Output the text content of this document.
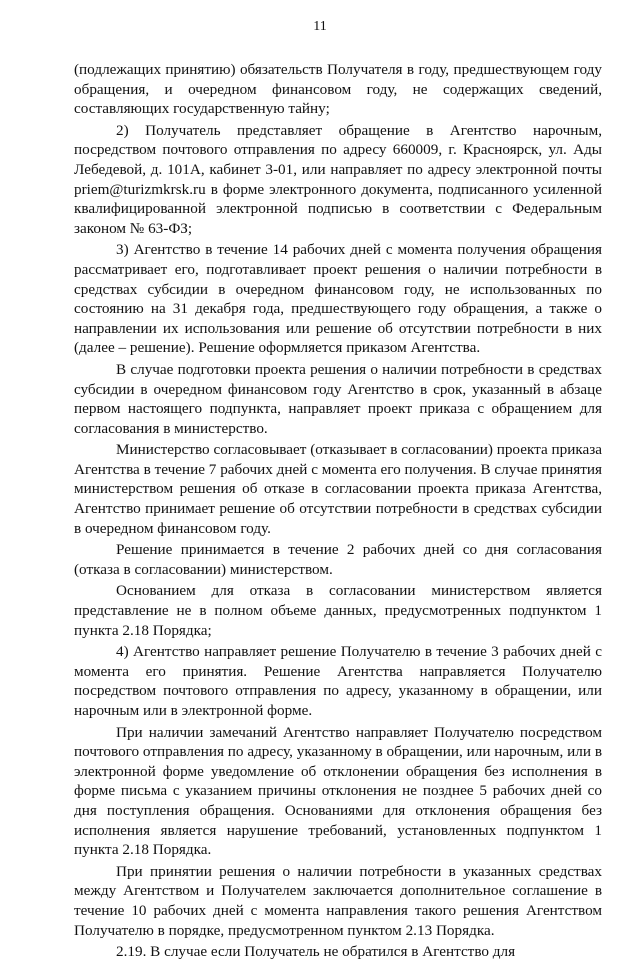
11

(подлежащих принятию) обязательств Получателя в году, предшествующем году обращения, и очередном финансовом году, не содержащих сведений, составляющих государственную тайну;

2) Получатель представляет обращение в Агентство нарочным, посредством почтового отправления по адресу 660009, г. Красноярск, ул. Ады Лебедевой, д. 101А, кабинет 3-01, или направляет по адресу электронной почты priem@turizmkrsk.ru в форме электронного документа, подписанного усиленной квалифицированной электронной подписью в соответствии с Федеральным законом № 63-ФЗ;

3) Агентство в течение 14 рабочих дней с момента получения обращения рассматривает его, подготавливает проект решения о наличии потребности в средствах субсидии в очередном финансовом году, не использованных по состоянию на 31 декабря года, предшествующего году обращения, а также о направлении их использования или решение об отсутствии потребности в них (далее – решение). Решение оформляется приказом Агентства.

В случае подготовки проекта решения о наличии потребности в средствах субсидии в очередном финансовом году Агентство в срок, указанный в абзаце первом настоящего подпункта, направляет проект приказа с обращением для согласования в министерство.

Министерство согласовывает (отказывает в согласовании) проекта приказа Агентства в течение 7 рабочих дней с момента его получения. В случае принятия министерством решения об отказе в согласовании проекта приказа Агентства, Агентство принимает решение об отсутствии потребности в средствах субсидии в очередном финансовом году.

Решение принимается в течение 2 рабочих дней со дня согласования (отказа в согласовании) министерством.

Основанием для отказа в согласовании министерством является представление не в полном объеме данных, предусмотренных подпунктом 1 пункта 2.18 Порядка;

4) Агентство направляет решение Получателю в течение 3 рабочих дней с момента его принятия. Решение Агентства направляется Получателю посредством почтового отправления по адресу, указанному в обращении, или нарочным или в электронной форме.

При наличии замечаний Агентство направляет Получателю посредством почтового отправления по адресу, указанному в обращении, или нарочным, или в электронной форме уведомление об отклонении обращения без исполнения в форме письма с указанием причины отклонения не позднее 5 рабочих дней со дня поступления обращения. Основаниями для отклонения обращения без исполнения является нарушение требований, установленных подпунктом 1 пункта 2.18 Порядка.

При принятии решения о наличии потребности в указанных средствах между Агентством и Получателем заключается дополнительное соглашение в течение 10 рабочих дней с момента направления такого решения Агентством Получателю в порядке, предусмотренном пунктом 2.13 Порядка.

2.19. В случае если Получатель не обратился в Агентство для
